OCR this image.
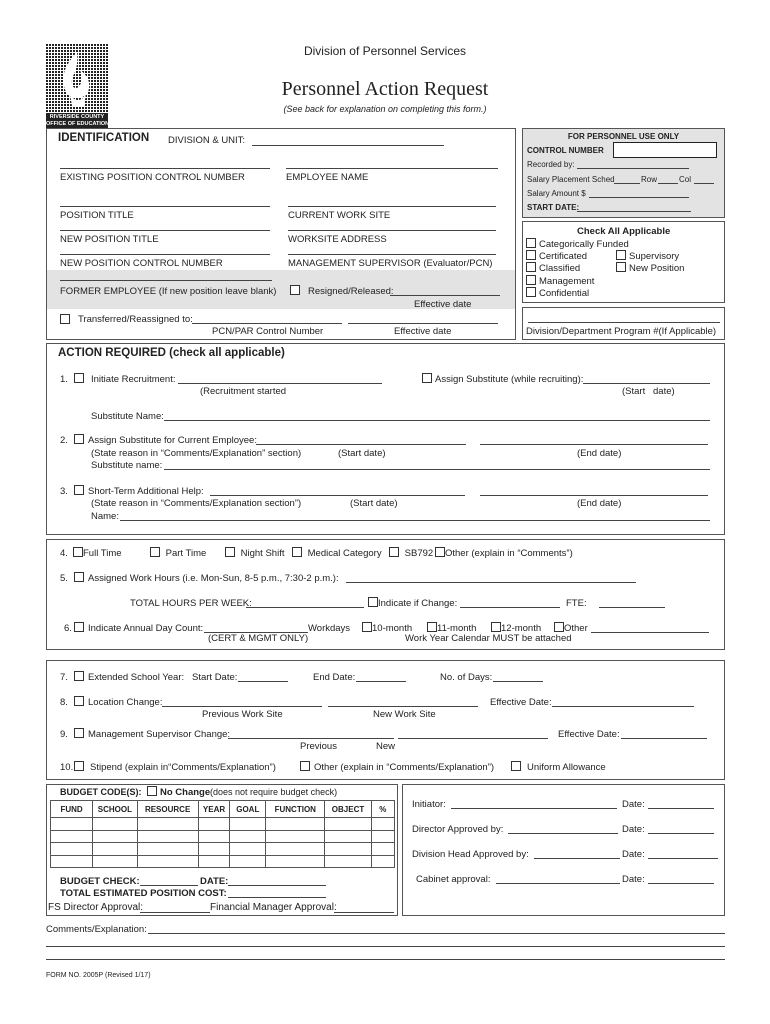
RIVERSIDE COUNTY
OFFICE OF EDUCATION
Division of Personnel Services
Personnel Action Request
(See back for explanation on completing this form.)
IDENTIFICATION DIVISION & UNIT:
EXISTING POSITION CONTROL NUMBER	EMPLOYEE NAME
POSITION TITLE	CURRENT WORK SITE
NEW POSITION TITLE	WORKSITE ADDRESS
NEW POSITION CONTROL NUMBER	MANAGEMENT SUPERVISOR (Evaluator/PCN)
FORMER EMPLOYEE (If new position leave blank)	Resigned/Released:
Effective date
Transferred/Reassigned to:
PCN/PAR Control Number	Effective date
FOR PERSONNEL USE ONLY
CONTROL NUMBER
Recorded by:
Salary Placement Sched	Row	Col
Salary Amount $
START DATE:
Check All Applicable
Categorically Funded
Certificated	Supervisory
Classified	New Position
Management
Confidential
Division/Department Program #(If Applicable)
ACTION REQUIRED (check all applicable)
1. Initiate Recruitment:
(Recruitment started
Assign Substitute (while recruiting):
(Start date)
Substitute Name:
2. Assign Substitute for Current Employee:
(State reason in “Comments/Explanation” section)	(Start date)	(End date)
Substitute name:
3. Short-Term Additional Help:
(State reason in “Comments/Explanation section”)	(Start date)	(End date)
Name:
4.	Full Time	Part Time	Night Shift	Medical Category	SB792	Other (explain in “Comments”)
5. Assigned Work Hours (i.e. Mon-Sun, 8-5 p.m., 7:30-2 p.m.):
TOTAL HOURS PER WEEK:	Indicate if Change:	FTE:
6. Indicate Annual Day Count:	Workdays	10-month	11-month	12-month	Other
(CERT & MGMT ONLY)	Work Year Calendar MUST be attached
7. Extended School Year: Start Date:	End Date:	No. of Days:
8. Location Change:	Effective Date:
Previous Work Site	New Work Site
9. Management Supervisor Change:	Effective Date:
Previous	New
10. Stipend (explain in“Comments/Explanation”)	Other (explain in “Comments/Explanation”)	Uniform Allowance
BUDGET CODE(S): No Change (does not require budget check)
FUND	SCHOOL	RESOURCE	YEAR	GOAL	FUNCTION	OBJECT	%

BUDGET CHECK:	DATE:
TOTAL ESTIMATED POSITION COST:
FS Director Approval:	Financial Manager Approval:
Initiator:	Date:
Director Approved by:	Date:
Division Head Approved by:	Date:
Cabinet approval:	Date:
Comments/Explanation:
FORM NO. 2005P (Revised 1/17)
